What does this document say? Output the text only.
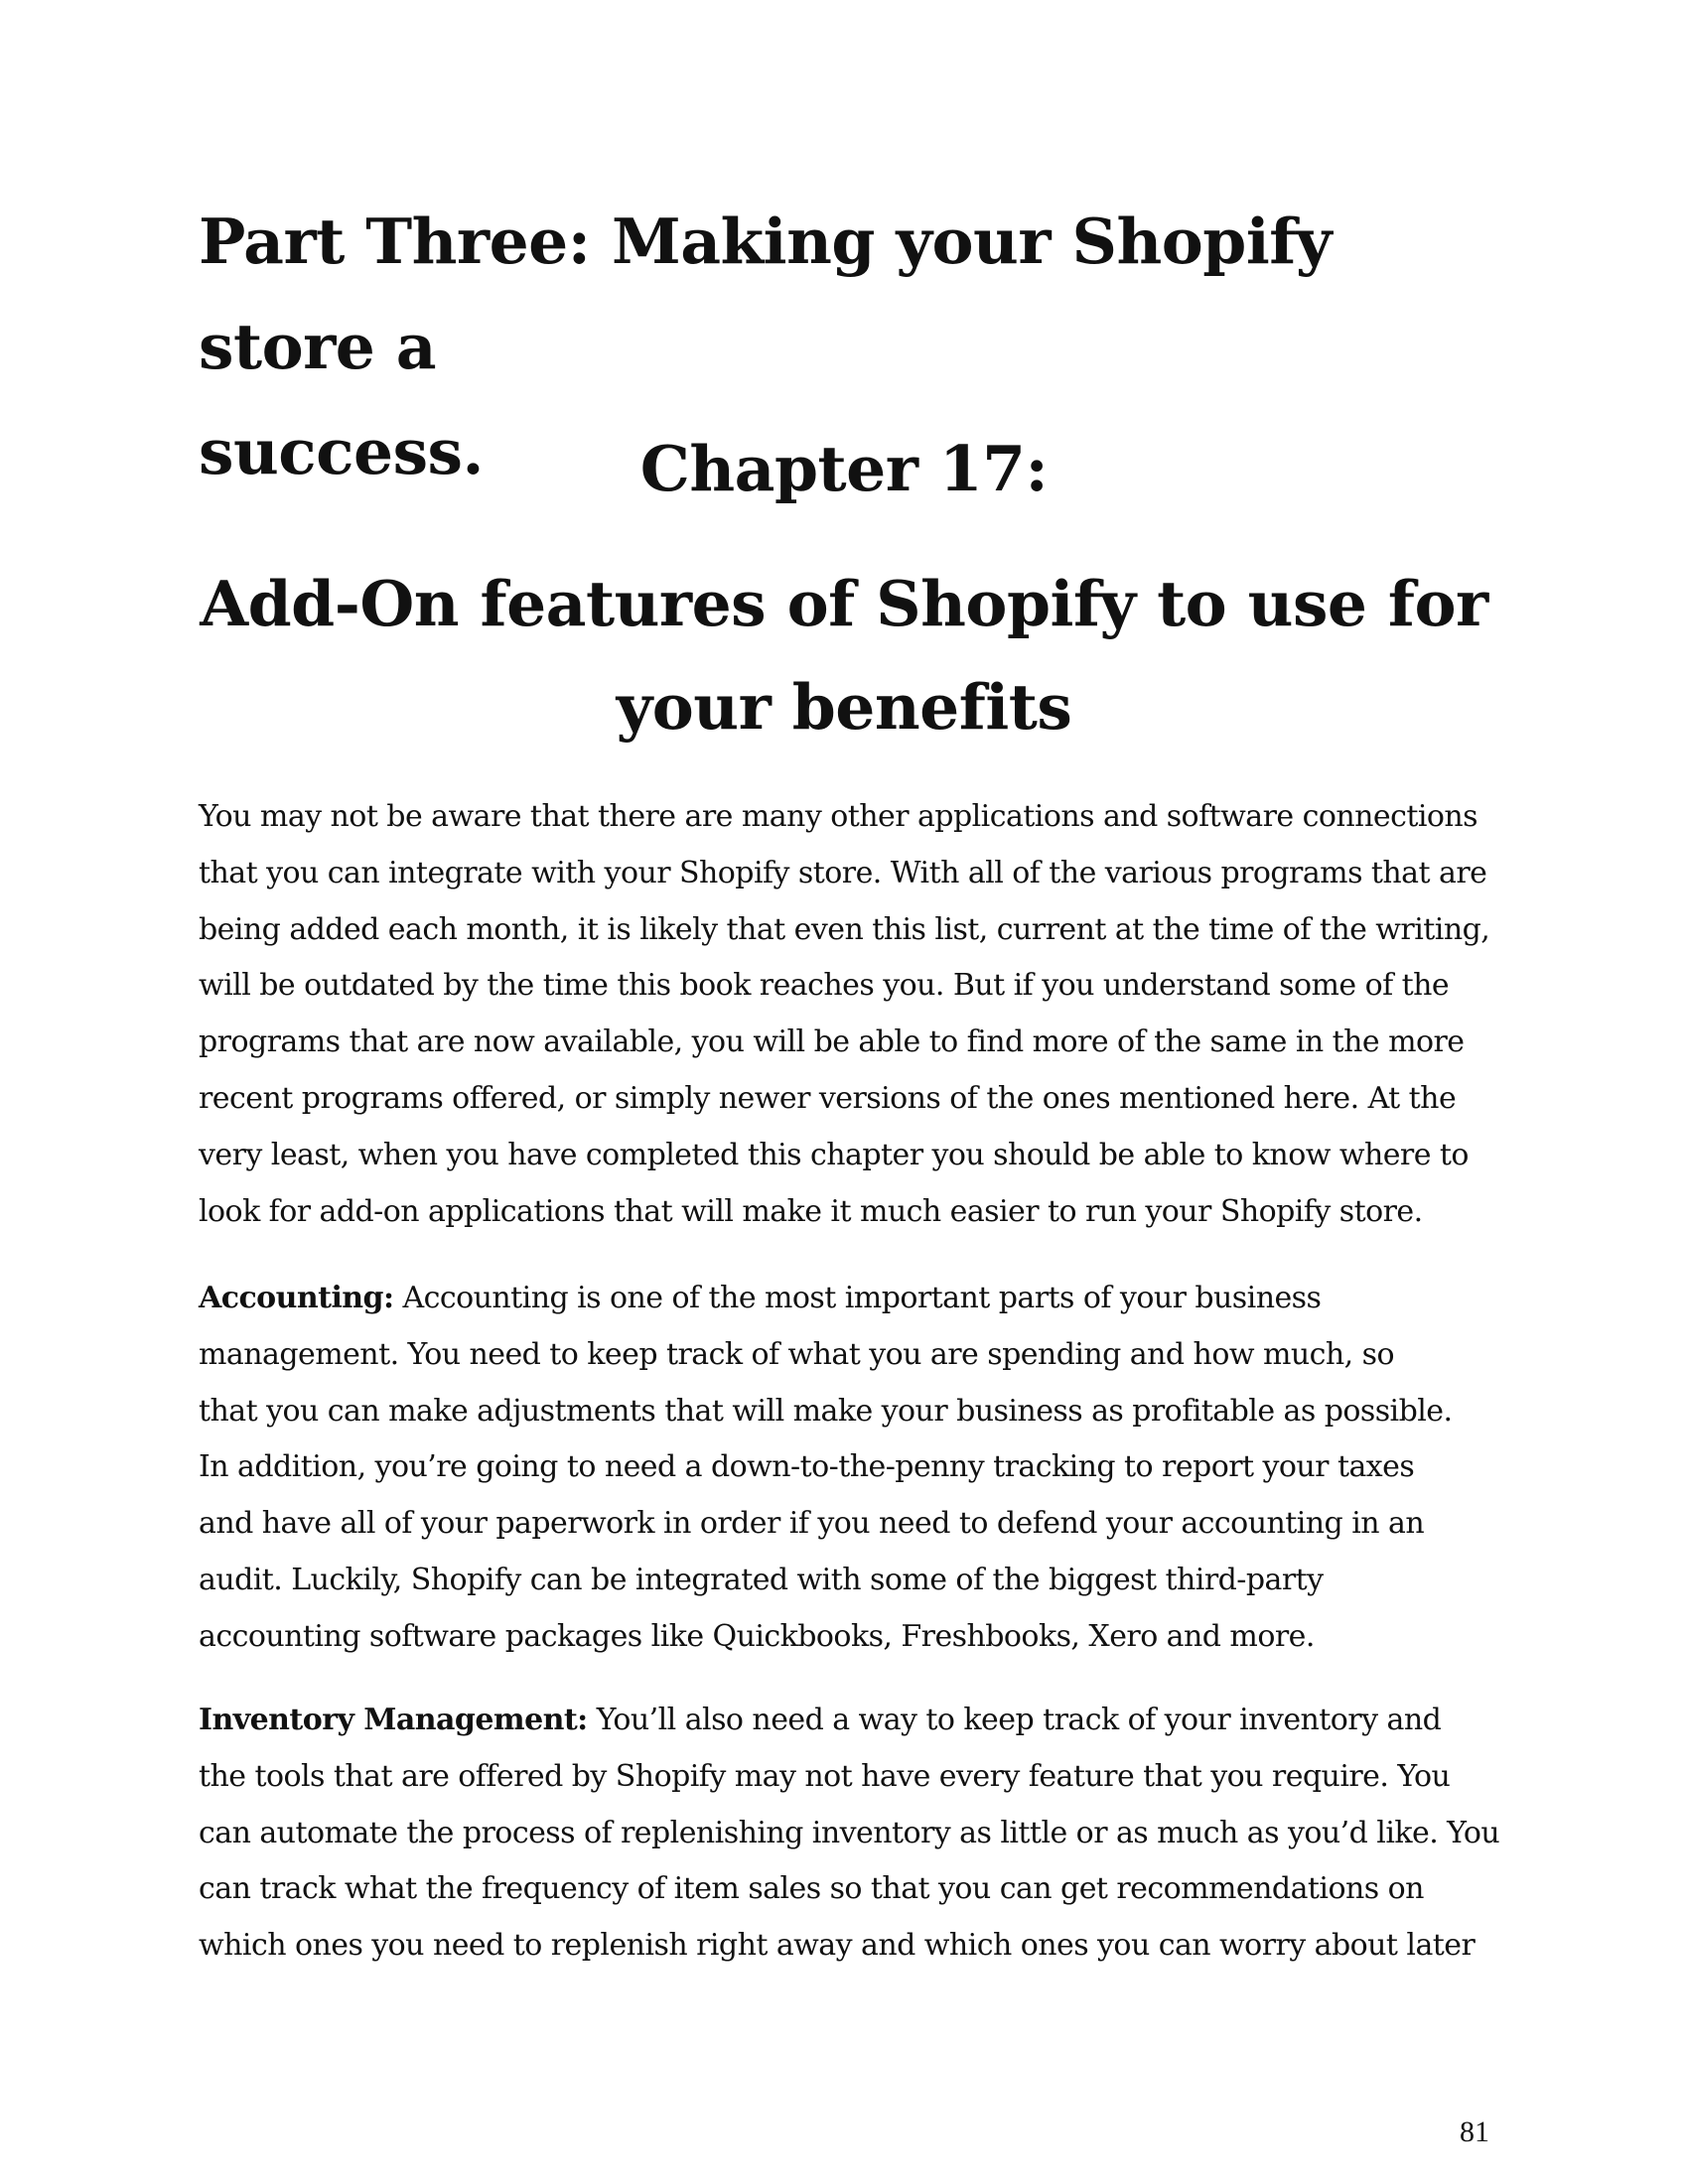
Part Three: Making your Shopify store a
success.	Chapter 17:
Add-On features of Shopify to use for
your benefits

You may not be aware that there are many other applications and software connections
that you can integrate with your Shopify store. With all of the various programs that are
being added each month, it is likely that even this list, current at the time of the writing,
will be outdated by the time this book reaches you. But if you understand some of the
programs that are now available, you will be able to find more of the same in the more
recent programs offered, or simply newer versions of the ones mentioned here. At the
very least, when you have completed this chapter you should be able to know where to
look for add-on applications that will make it much easier to run your Shopify store.

Accounting: Accounting is one of the most important parts of your business
management. You need to keep track of what you are spending and how much, so
that you can make adjustments that will make your business as profitable as possible.
In addition, you’re going to need a down-to-the-penny tracking to report your taxes
and have all of your paperwork in order if you need to defend your accounting in an
audit. Luckily, Shopify can be integrated with some of the biggest third-party
accounting software packages like Quickbooks, Freshbooks, Xero and more.

Inventory Management: You’ll also need a way to keep track of your inventory and
the tools that are offered by Shopify may not have every feature that you require. You
can automate the process of replenishing inventory as little or as much as you’d like. You
can track what the frequency of item sales so that you can get recommendations on
which ones you need to replenish right away and which ones you can worry about later

81
